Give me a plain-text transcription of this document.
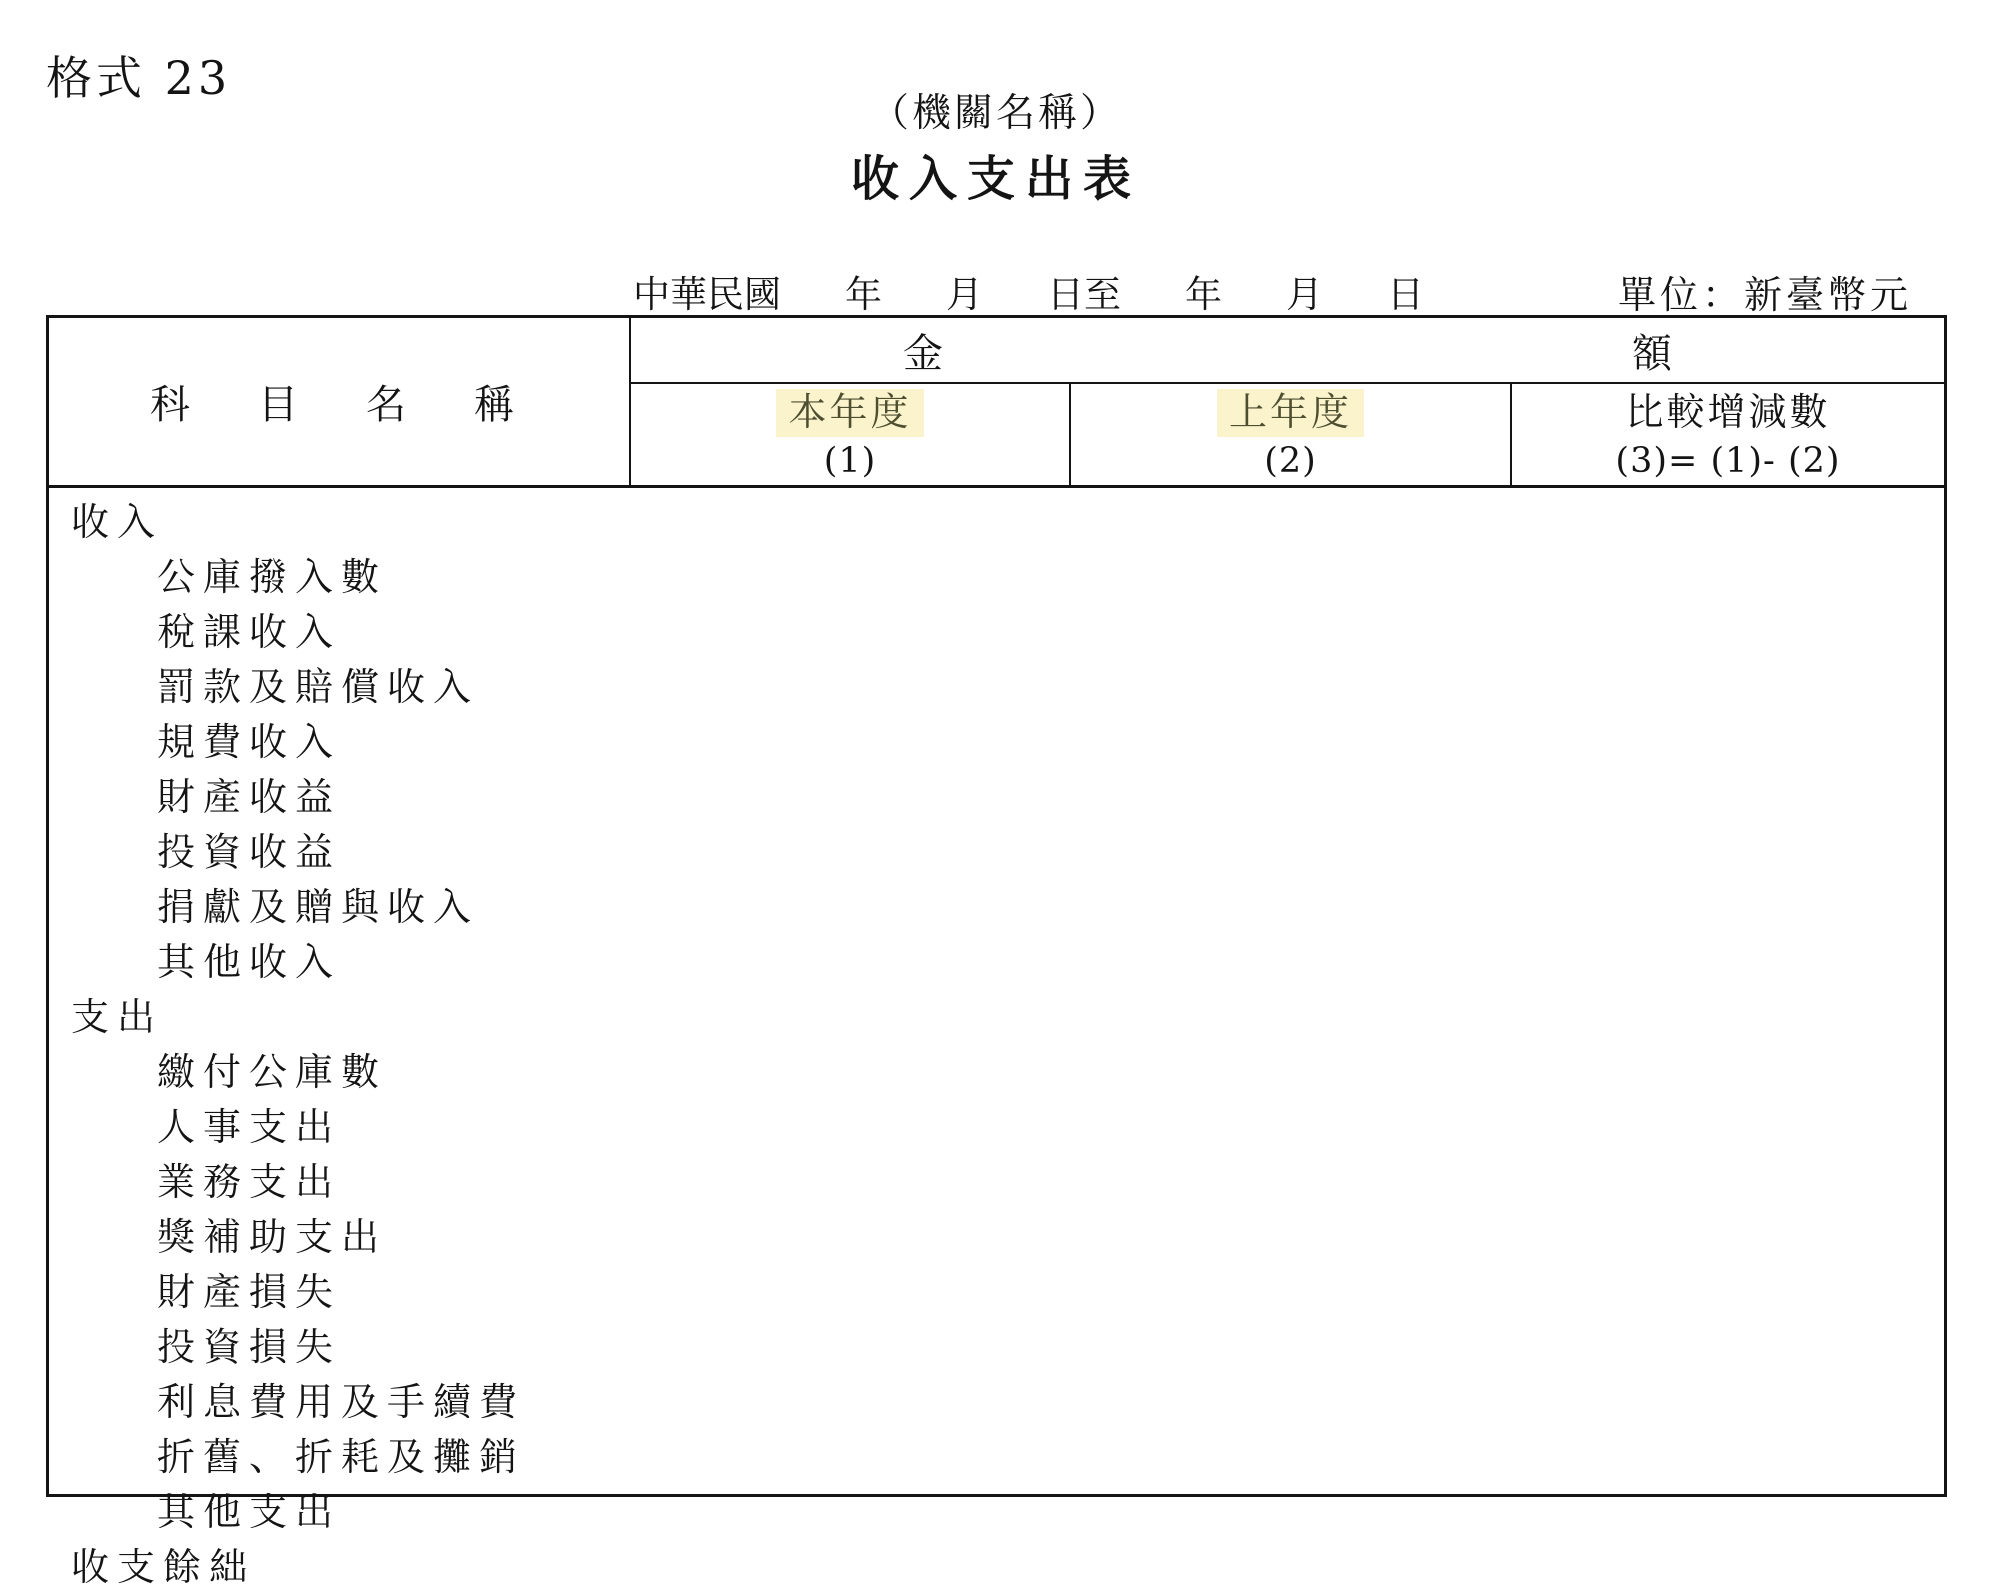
格式 23
（機關名稱）
收入支出表
中華民國 年 月 日至 年 月 日	單位：新臺幣元
科　目　名　稱
金	額
本年度
(1)
上年度
(2)
比較增減數
(3)= (1)- (2)
收入
公庫撥入數
稅課收入
罰款及賠償收入
規費收入
財產收益
投資收益
捐獻及贈與收入
其他收入
支出
繳付公庫數
人事支出
業務支出
獎補助支出
財產損失
投資損失
利息費用及手續費
折舊、折耗及攤銷
其他支出
收支餘絀
